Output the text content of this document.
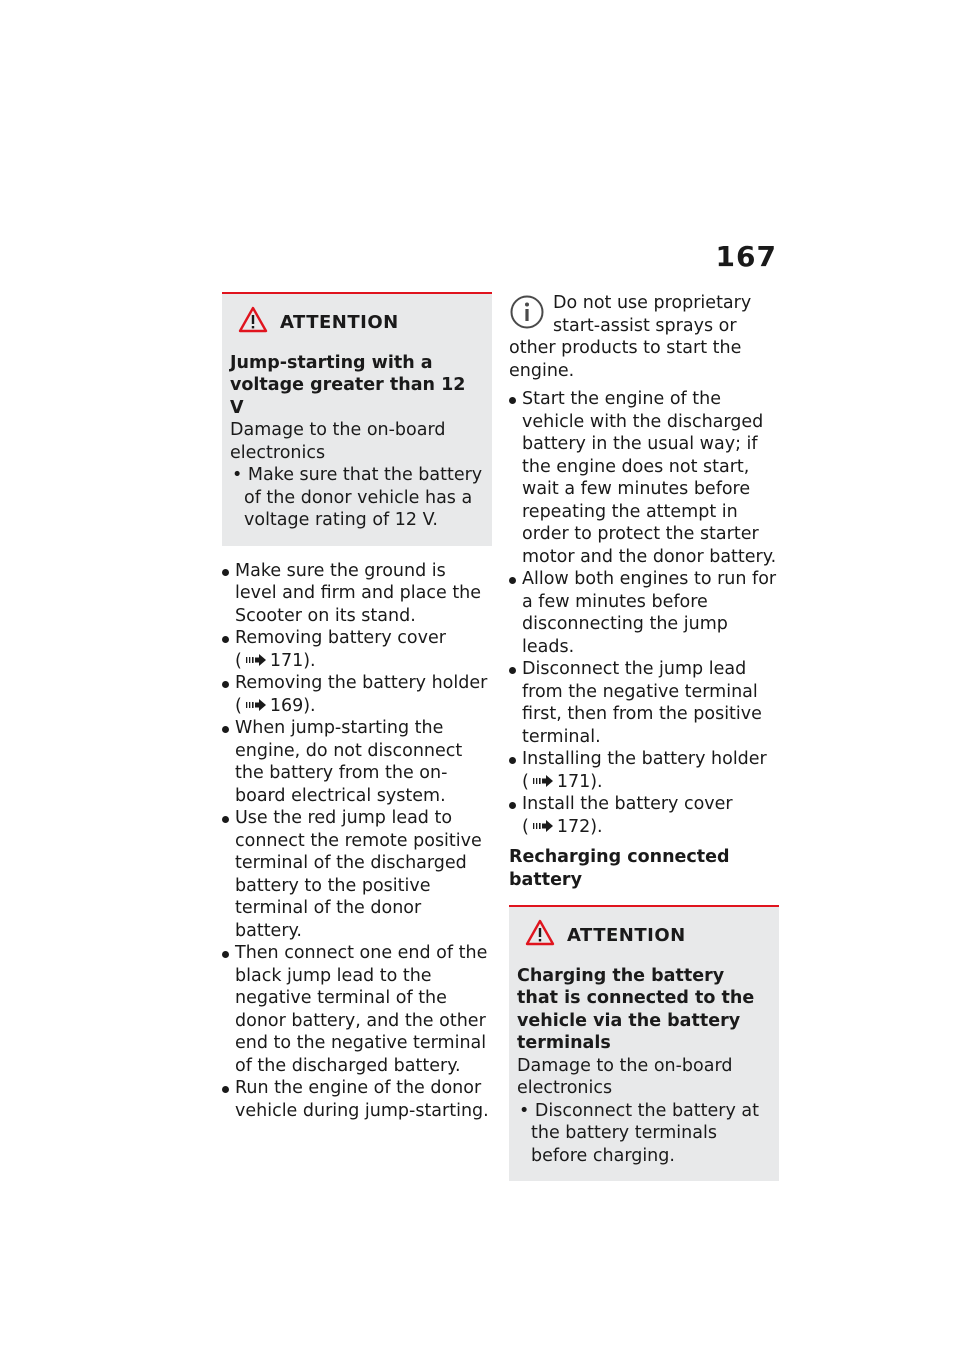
167
ATTENTION
Jump-starting with a voltage greater than 12 V
Damage to the on-board electronics
• Make sure that the battery of the donor vehicle has a voltage rating of 12 V.
Make sure the ground is level and firm and place the Scooter on its stand.
Removing battery cover
( 171).
Removing the battery holder
( 169).
When jump-starting the engine, do not disconnect the battery from the on-board electrical system.
Use the red jump lead to connect the remote positive terminal of the discharged battery to the positive terminal of the donor battery.
Then connect one end of the black jump lead to the negative terminal of the donor battery, and the other end to the negative terminal of the discharged battery.
Run the engine of the donor vehicle during jump-starting.
Do not use proprietary start-assist sprays or other products to start the engine.
Start the engine of the vehicle with the discharged battery in the usual way; if the engine does not start, wait a few minutes before repeating the attempt in order to protect the starter motor and the donor battery.
Allow both engines to run for a few minutes before disconnecting the jump leads.
Disconnect the jump lead from the negative terminal first, then from the positive terminal.
Installing the battery holder
( 171).
Install the battery cover
( 172).
Recharging connected battery
ATTENTION
Charging the battery that is connected to the vehicle via the battery terminals
Damage to the on-board electronics
• Disconnect the battery at the battery terminals before charging.
